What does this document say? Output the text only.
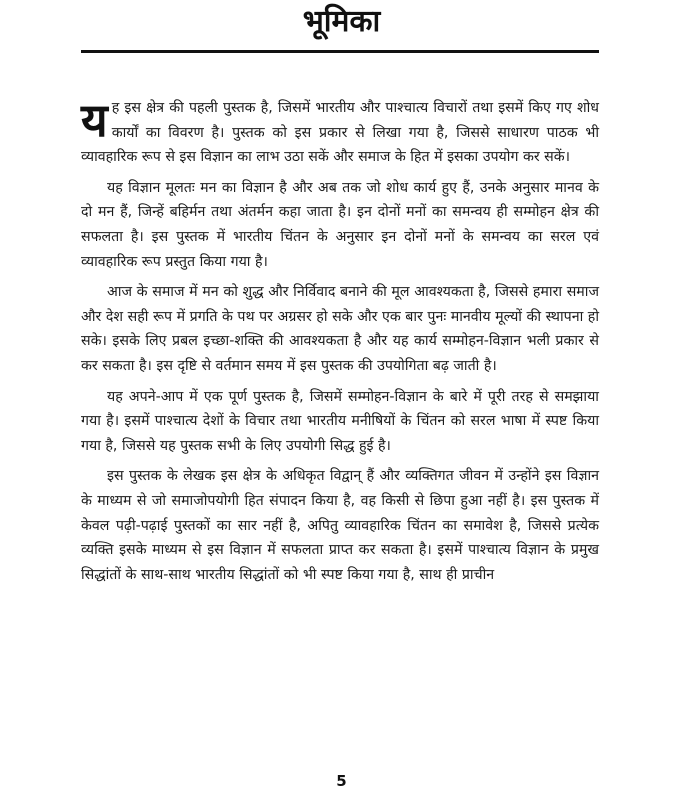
भूमिका

यह इस क्षेत्र की पहली पुस्तक है, जिसमें भारतीय और पाश्चात्य विचारों तथा इसमें किए गए शोध कार्यों का विवरण है। पुस्तक को इस प्रकार से लिखा गया है, जिससे साधारण पाठक भी व्यावहारिक रूप से इस विज्ञान का लाभ उठा सकें और समाज के हित में इसका उपयोग कर सकें।

यह विज्ञान मूलतः मन का विज्ञान है और अब तक जो शोध कार्य हुए हैं, उनके अनुसार मानव के दो मन हैं, जिन्हें बहिर्मन तथा अंतर्मन कहा जाता है। इन दोनों मनों का समन्वय ही सम्मोहन क्षेत्र की सफलता है। इस पुस्तक में भारतीय चिंतन के अनुसार इन दोनों मनों के समन्वय का सरल एवं व्यावहारिक रूप प्रस्तुत किया गया है।

आज के समाज में मन को शुद्ध और निर्विवाद बनाने की मूल आवश्यकता है, जिससे हमारा समाज और देश सही रूप में प्रगति के पथ पर अग्रसर हो सके और एक बार पुनः मानवीय मूल्यों की स्थापना हो सके। इसके लिए प्रबल इच्छा-शक्ति की आवश्यकता है और यह कार्य सम्मोहन-विज्ञान भली प्रकार से कर सकता है। इस दृष्टि से वर्तमान समय में इस पुस्तक की उपयोगिता बढ़ जाती है।

यह अपने-आप में एक पूर्ण पुस्तक है, जिसमें सम्मोहन-विज्ञान के बारे में पूरी तरह से समझाया गया है। इसमें पाश्चात्य देशों के विचार तथा भारतीय मनीषियों के चिंतन को सरल भाषा में स्पष्ट किया गया है, जिससे यह पुस्तक सभी के लिए उपयोगी सिद्ध हुई है।

इस पुस्तक के लेखक इस क्षेत्र के अधिकृत विद्वान् हैं और व्यक्तिगत जीवन में उन्होंने इस विज्ञान के माध्यम से जो समाजोपयोगी हित संपादन किया है, वह किसी से छिपा हुआ नहीं है। इस पुस्तक में केवल पढ़ी-पढ़ाई पुस्तकों का सार नहीं है, अपितु व्यावहारिक चिंतन का समावेश है, जिससे प्रत्येक व्यक्ति इसके माध्यम से इस विज्ञान में सफलता प्राप्त कर सकता है। इसमें पाश्चात्य विज्ञान के प्रमुख सिद्धांतों के साथ-साथ भारतीय सिद्धांतों को भी स्पष्ट किया गया है, साथ ही प्राचीन

5
